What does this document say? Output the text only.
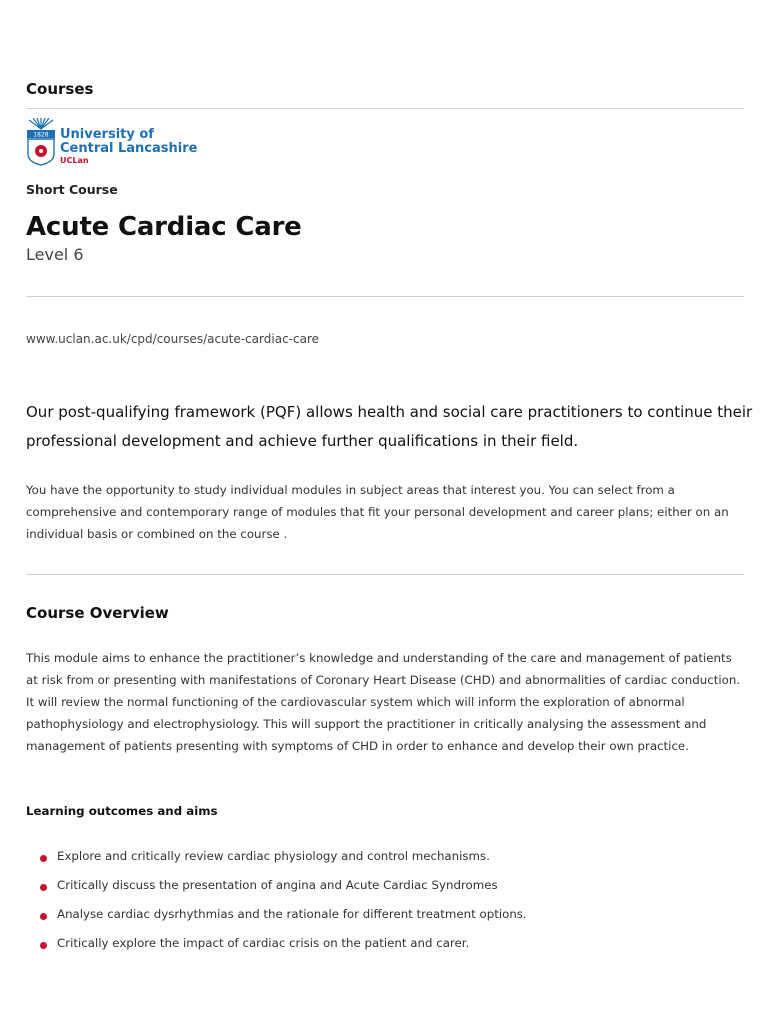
Courses
1828 University of
Central Lancashire
UCLan
Short Course
Acute Cardiac Care
Level 6
www.uclan.ac.uk/cpd/courses/acute-cardiac-care
Our post-qualifying framework (PQF) allows health and social care practitioners to continue their professional development and achieve further qualifications in their field.
You have the opportunity to study individual modules in subject areas that interest you. You can select from a comprehensive and contemporary range of modules that fit your personal development and career plans; either on an individual basis or combined on the course .
Course Overview
This module aims to enhance the practitioner’s knowledge and understanding of the care and management of patients at risk from or presenting with manifestations of Coronary Heart Disease (CHD) and abnormalities of cardiac conduction. It will review the normal functioning of the cardiovascular system which will inform the exploration of abnormal pathophysiology and electrophysiology. This will support the practitioner in critically analysing the assessment and management of patients presenting with symptoms of CHD in order to enhance and develop their own practice.
Learning outcomes and aims
Explore and critically review cardiac physiology and control mechanisms.
Critically discuss the presentation of angina and Acute Cardiac Syndromes
Analyse cardiac dysrhythmias and the rationale for different treatment options.
Critically explore the impact of cardiac crisis on the patient and carer.
